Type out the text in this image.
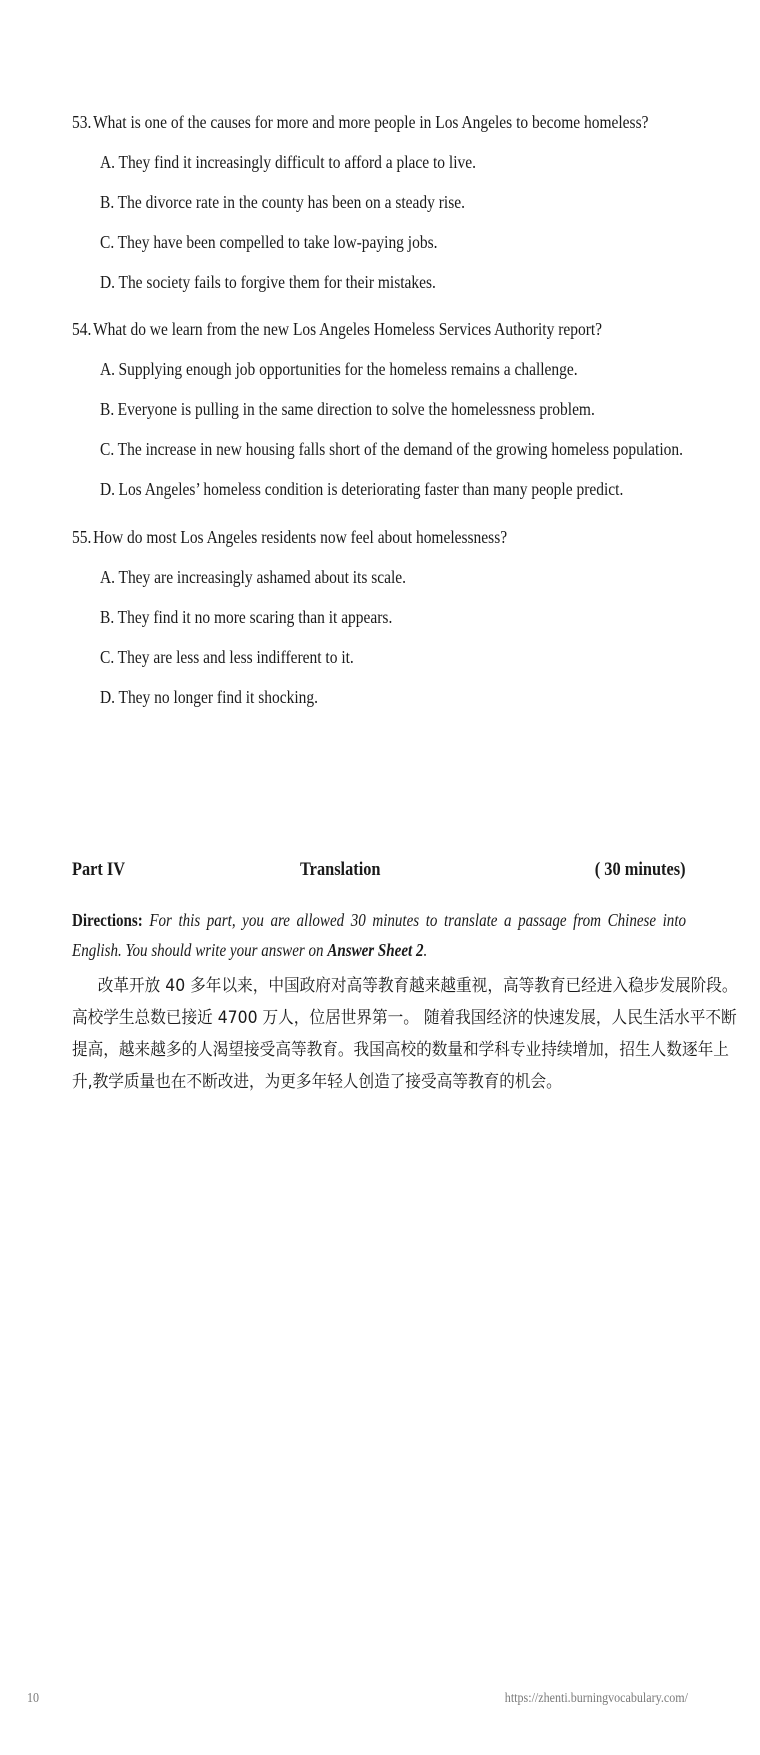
53.What is one of the causes for more and more people in Los Angeles to become homeless?
A. They find it increasingly difficult to afford a place to live.
B. The divorce rate in the county has been on a steady rise.
C. They have been compelled to take low-paying jobs.
D. The society fails to forgive them for their mistakes.
54.What do we learn from the new Los Angeles Homeless Services Authority report?
A. Supplying enough job opportunities for the homeless remains a challenge.
B. Everyone is pulling in the same direction to solve the homelessness problem.
C. The increase in new housing falls short of the demand of the growing homeless population.
D. Los Angeles’ homeless condition is deteriorating faster than many people predict.
55.How do most Los Angeles residents now feel about homelessness?
A. They are increasingly ashamed about its scale.
B. They find it no more scaring than it appears.
C. They are less and less indifferent to it.
D. They no longer find it shocking.
Part IV	Translation	( 30 minutes)
Directions: For this part, you are allowed 30 minutes to translate a passage from Chinese into
English. You should write your answer on Answer Sheet 2.
改革开放 40 多年以来，中国政府对高等教育越来越重视，高等教育已经进入稳步发展阶段。
高校学生总数已接近 4700 万人，位居世界第一。 随着我国经济的快速发展，人民生活水平不断
提高，越来越多的人渴望接受高等教育。我国高校的数量和学科专业持续增加，招生人数逐年上
升,教学质量也在不断改进，为更多年轻人创造了接受高等教育的机会。
10	https://zhenti.burningvocabulary.com/
